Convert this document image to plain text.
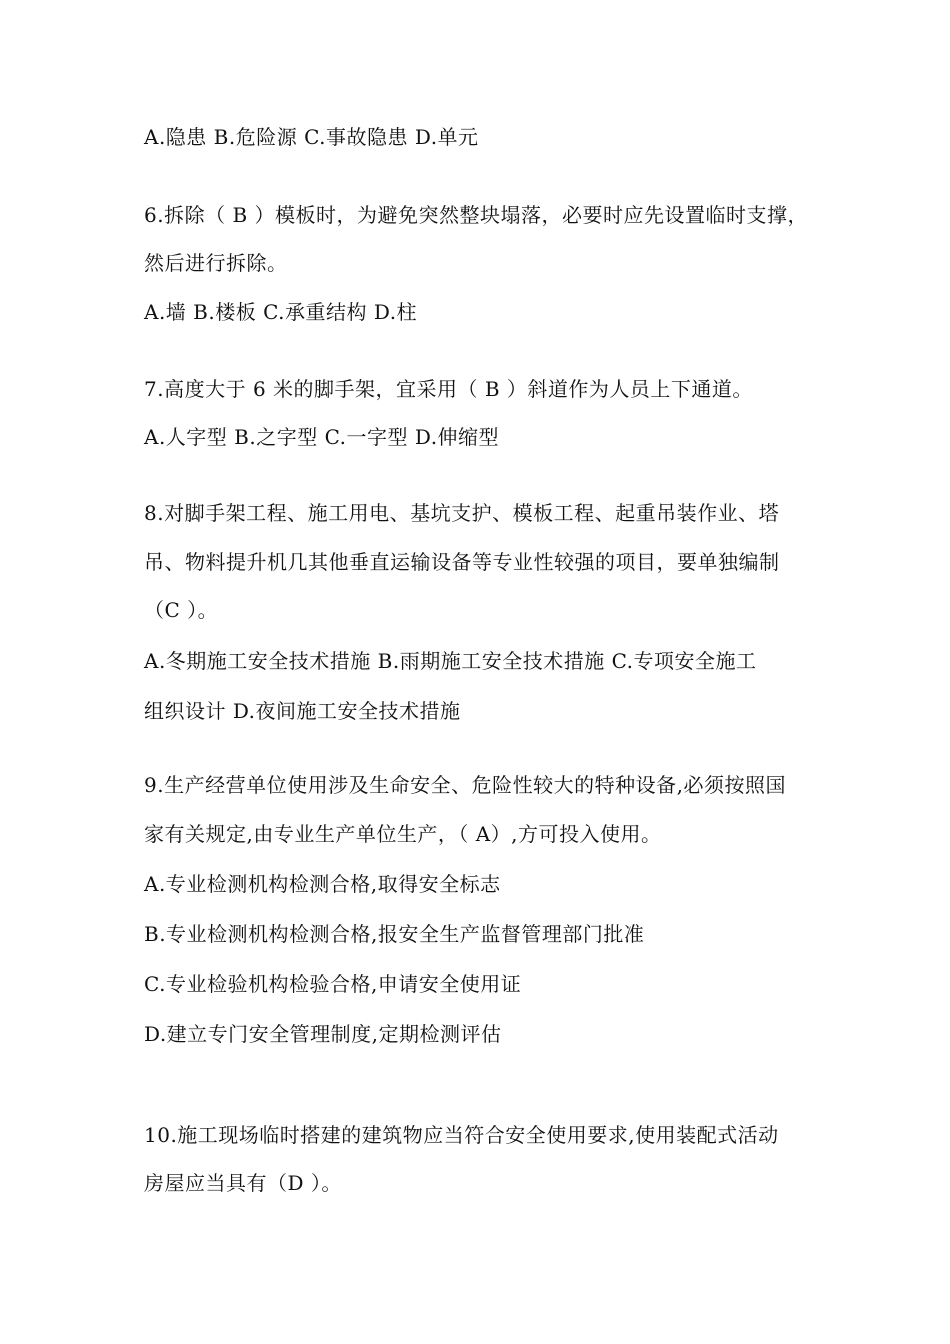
A.隐患 B.危险源 C.事故隐患 D.单元
6.拆除（ B ）模板时，为避免突然整块塌落，必要时应先设置临时支撑，
然后进行拆除。
A.墙 B.楼板 C.承重结构 D.柱
7.高度大于 6 米的脚手架，宜采用（ B ）斜道作为人员上下通道。
A.人字型 B.之字型 C.一字型 D.伸缩型
8.对脚手架工程、施工用电、基坑支护、模板工程、起重吊装作业、塔
吊、物料提升机几其他垂直运输设备等专业性较强的项目，要单独编制
（C ）。
A.冬期施工安全技术措施 B.雨期施工安全技术措施 C.专项安全施工
组织设计 D.夜间施工安全技术措施
9.生产经营单位使用涉及生命安全、危险性较大的特种设备,必须按照国
家有关规定,由专业生产单位生产，（ A）,方可投入使用。
A.专业检测机构检测合格,取得安全标志
B.专业检测机构检测合格,报安全生产监督管理部门批准
C.专业检验机构检验合格,申请安全使用证
D.建立专门安全管理制度,定期检测评估
10.施工现场临时搭建的建筑物应当符合安全使用要求,使用装配式活动
房屋应当具有（D ）。
